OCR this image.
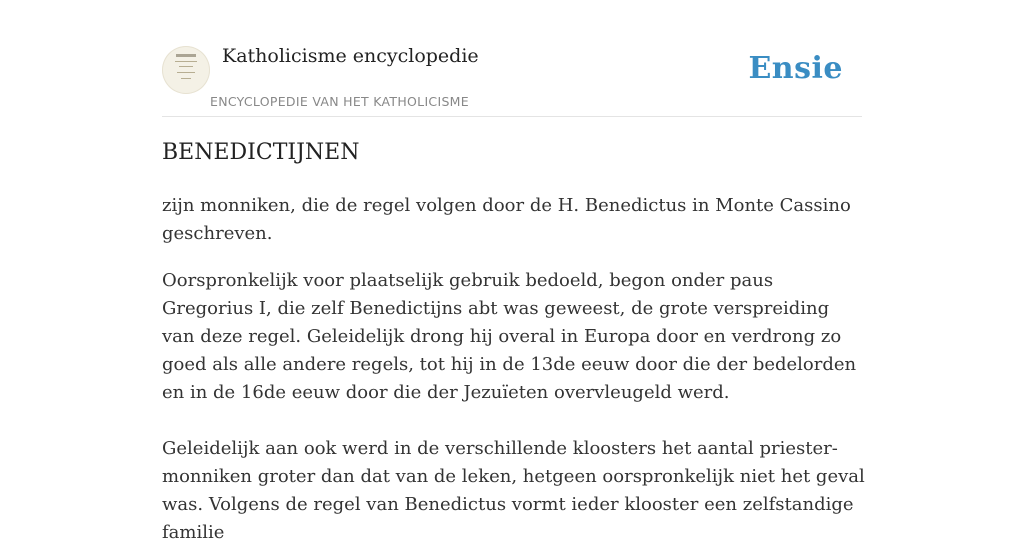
Katholicisme encyclopedie
ENCYCLOPEDIE VAN HET KATHOLICISME
Ensie
BENEDICTIJNEN

zijn monniken, die de regel volgen door de H. Benedictus in Monte Cassino geschreven.

Oorspronkelijk voor plaatselijk gebruik bedoeld, begon onder paus Gregorius I, die zelf Benedictijns abt was geweest, de grote verspreiding van deze regel. Geleidelijk drong hij overal in Europa door en verdrong zo goed als alle andere regels, tot hij in de 13de eeuw door die der bedelorden en in de 16de eeuw door die der Jezuïeten overvleugeld werd.

Geleidelijk aan ook werd in de verschillende kloosters het aantal priester-monniken groter dan dat van de leken, hetgeen oorspronkelijk niet het geval was. Volgens de regel van Benedictus vormt ieder klooster een zelfstandige familie
